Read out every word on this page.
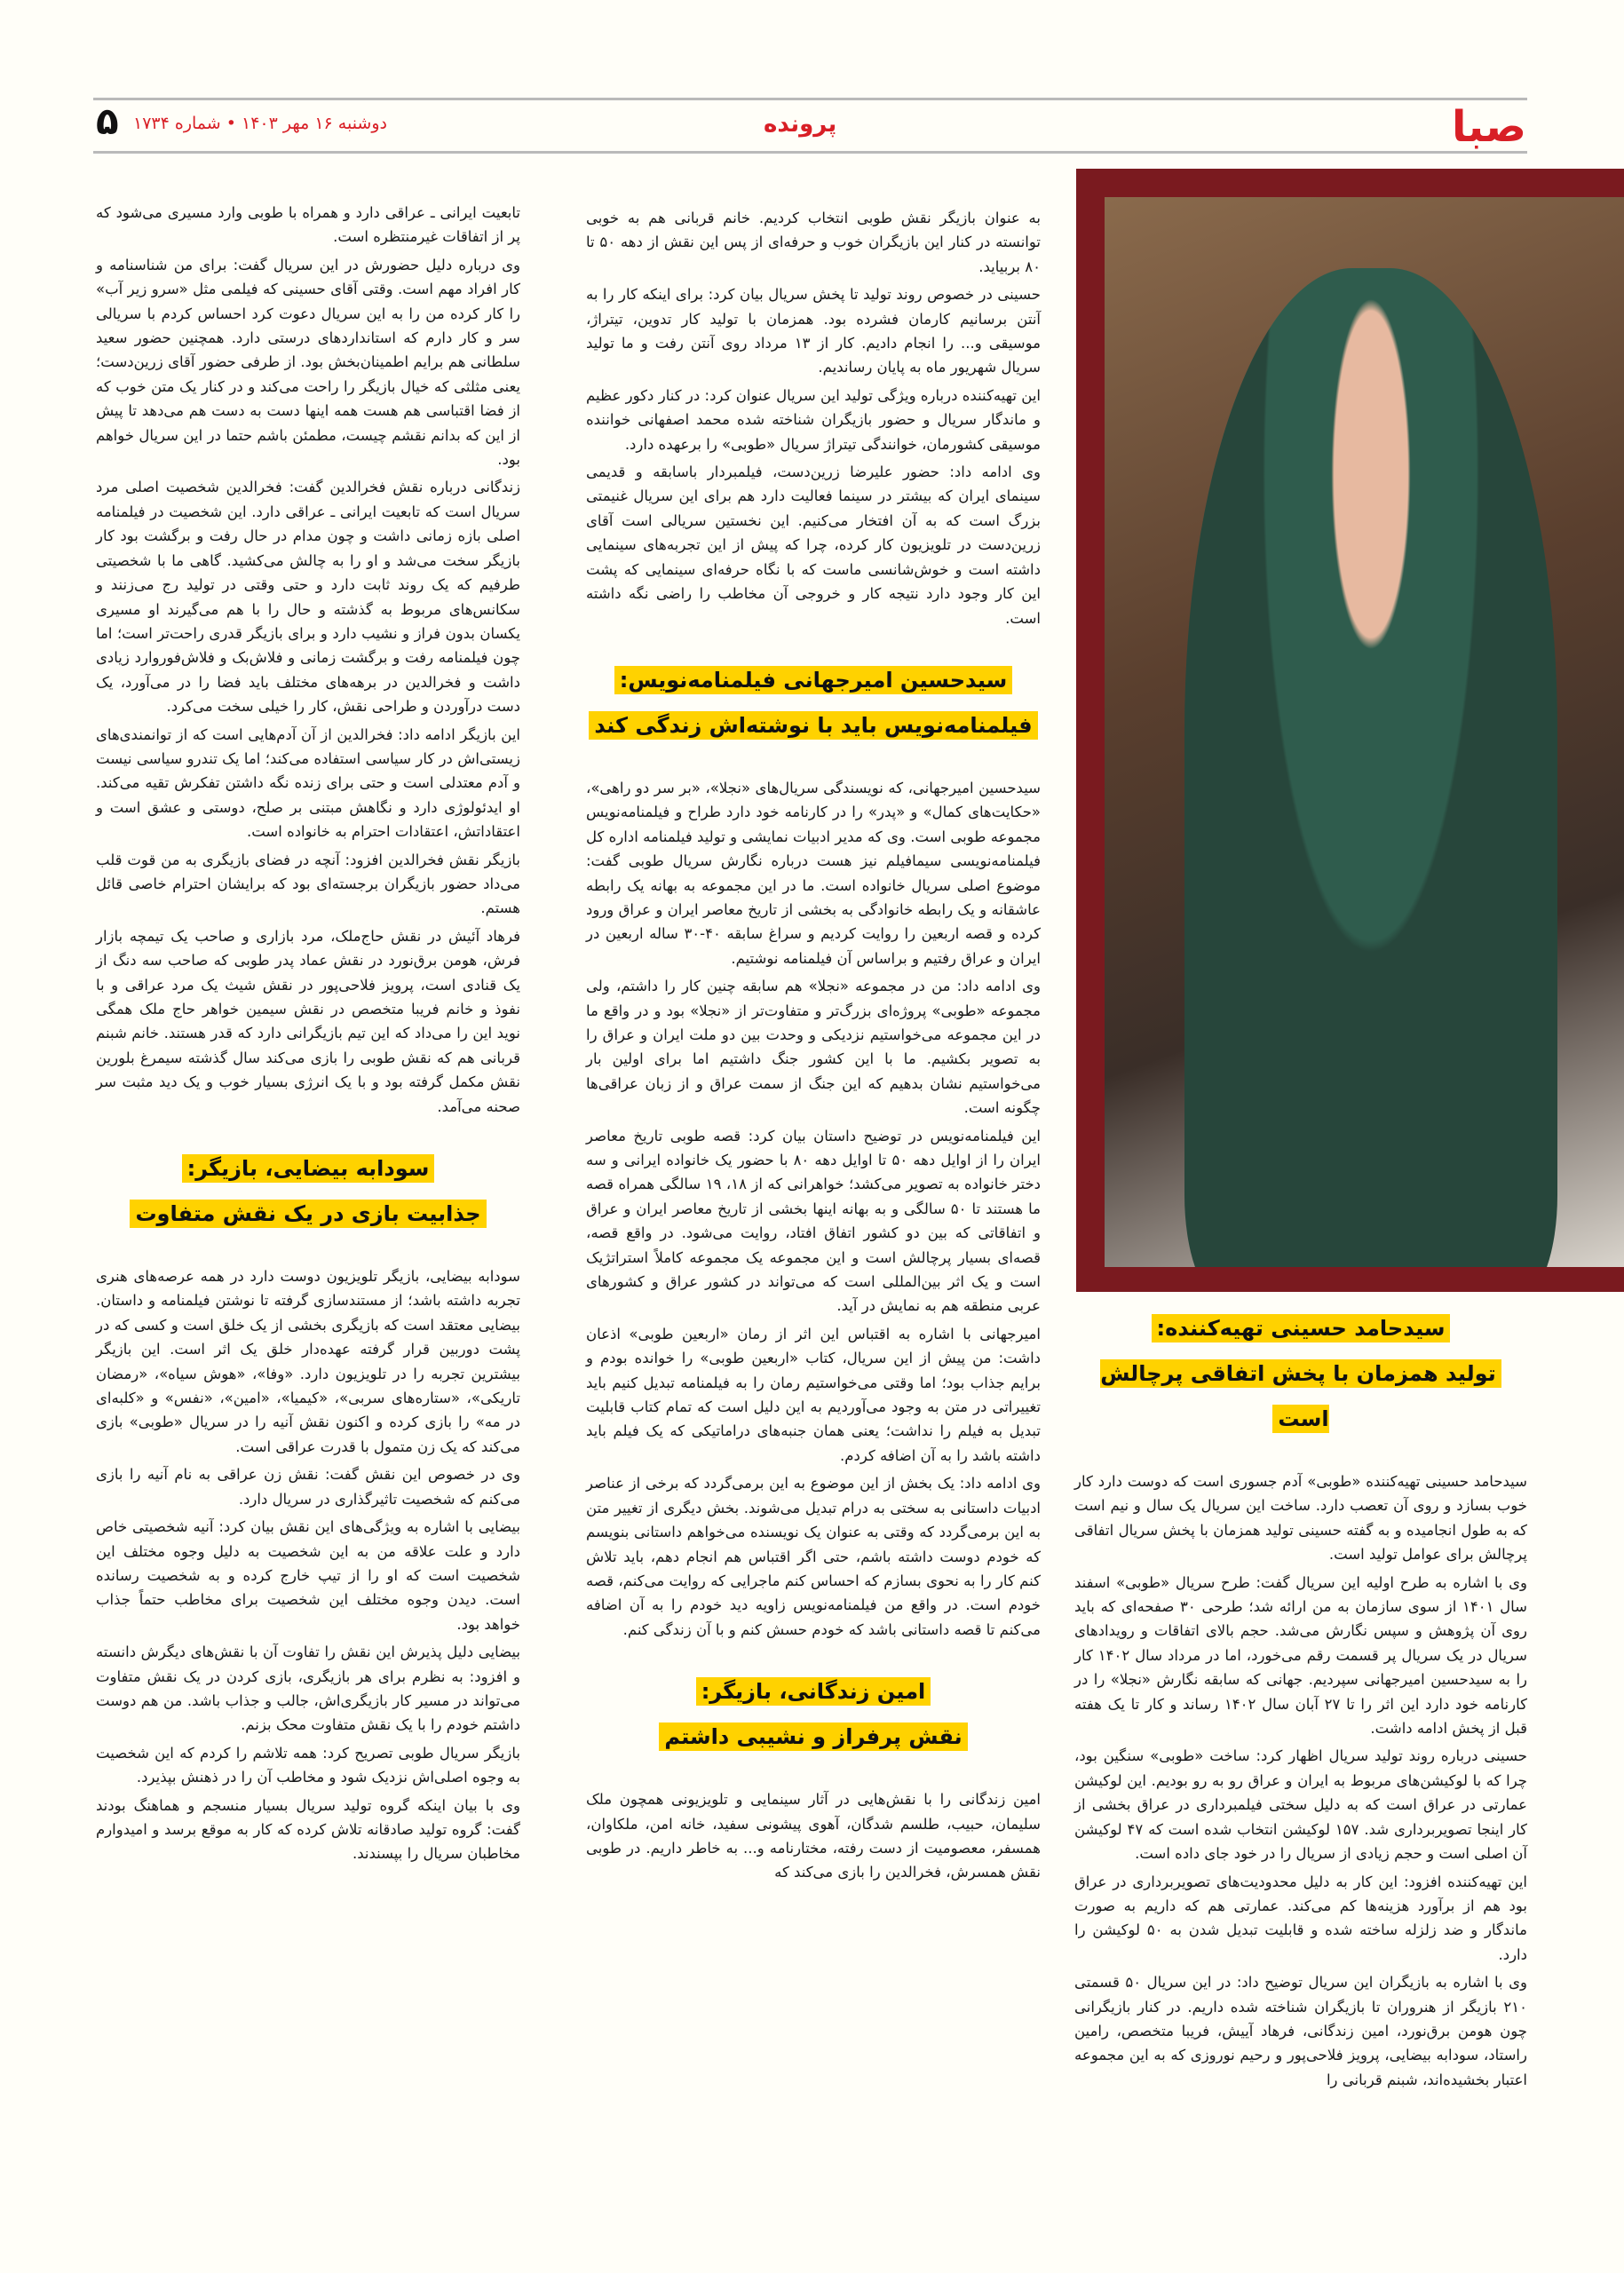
صبا
پرونده
دوشنبه ۱۶ مهر ۱۴۰۳ • شماره ۱۷۳۴
۵
سیدحامد حسینی تهیه‌کننده:
تولید همزمان با پخش اتفاقی پرچالش است

سیدحامد حسینی تهیه‌کننده «طوبی» آدم جسوری است که دوست دارد کار خوب بسازد و روی آن تعصب دارد. ساخت این سریال یک سال و نیم است که به طول انجامیده و به گفته حسینی تولید همزمان با پخش سریال اتفاقی پرچالش برای عوامل تولید است.

وی با اشاره به طرح اولیه این سریال گفت: طرح سریال «طوبی» اسفند سال ۱۴۰۱ از سوی سازمان به من ارائه شد؛ طرحی ۳۰ صفحه‌ای که باید روی آن پژوهش و سپس نگارش می‌شد. حجم بالای اتفاقات و رویدادهای سریال در یک سریال پر قسمت رقم می‌خورد، اما در مرداد سال ۱۴۰۲ کار را به سیدحسین امیرجهانی سپردیم. جهانی که سابقه نگارش «نجلا» را در کارنامه خود دارد این اثر را تا ۲۷ آبان سال ۱۴۰۲ رساند و کار تا یک هفته قبل از پخش ادامه داشت.

حسینی درباره روند تولید سریال اظهار کرد: ساخت «طوبی» سنگین بود، چرا که با لوکیشن‌های مربوط به ایران و عراق رو به رو بودیم. این لوکیشن عمارتی در عراق است که به دلیل سختی فیلمبرداری در عراق بخشی از کار اینجا تصویربرداری شد. ۱۵۷ لوکیشن انتخاب شده است که ۴۷ لوکیشن آن اصلی است و حجم زیادی از سریال را در خود جای داده است.

این تهیه‌کننده افزود: این کار به دلیل محدودیت‌های تصویربرداری در عراق بود هم از برآورد هزینه‌ها کم می‌کند. عمارتی هم که داریم به صورت ماندگار و ضد زلزله ساخته شده و قابلیت تبدیل شدن به ۵۰ لوکیشن را دارد.

وی با اشاره به بازیگران این سریال توضیح داد: در این سریال ۵۰ قسمتی ۲۱۰ بازیگر از هنروران تا بازیگران شناخته شده داریم. در کنار بازیگرانی چون هومن برق‌نورد، امین زندگانی، فرهاد آییش، فریبا متخصص، رامین راستاد، سودابه بیضایی، پرویز فلاحی‌پور و رحیم نوروزی که به این مجموعه اعتبار بخشیده‌اند، شبنم قربانی را

به عنوان بازیگر نقش طوبی انتخاب کردیم. خانم قربانی هم به خوبی توانسته در کنار این بازیگران خوب و حرفه‌ای از پس این نقش از دهه ۵۰ تا ۸۰ بربیاید.

حسینی در خصوص روند تولید تا پخش سریال بیان کرد: برای اینکه کار را به آنتن برسانیم کارمان فشرده بود. همزمان با تولید کار تدوین، تیتراژ، موسیقی و... را انجام دادیم. کار از ۱۳ مرداد روی آنتن رفت و ما تولید سریال شهریور ماه به پایان رساندیم.

این تهیه‌کننده درباره ویژگی تولید این سریال عنوان کرد: در کنار دکور عظیم و ماندگار سریال و حضور بازیگران شناخته شده محمد اصفهانی خواننده موسیقی کشورمان، خوانندگی تیتراژ سریال «طوبی» را برعهده دارد.

وی ادامه داد: حضور علیرضا زرین‌دست، فیلمبردار باسابقه و قدیمی سینمای ایران که بیشتر در سینما فعالیت دارد هم برای این سریال غنیمتی بزرگ است که به آن افتخار می‌کنیم. این نخستین سریالی است آقای زرین‌دست در تلویزیون کار کرده، چرا که پیش از این تجربه‌های سینمایی داشته است و خوش‌شانسی ماست که با نگاه حرفه‌ای سینمایی که پشت این کار وجود دارد نتیجه کار و خروجی آن مخاطب را راضی نگه داشته است.

سیدحسین امیرجهانی فیلمنامه‌نویس:
فیلمنامه‌نویس باید با نوشته‌اش زندگی کند

سیدحسین امیرجهانی، که نویسندگی سریال‌های «نجلا»، «بر سر دو راهی»، «حکایت‌های کمال» و «پدر» را در کارنامه خود دارد طراح و فیلمنامه‌نویس مجموعه طوبی است. وی که مدیر ادبیات نمایشی و تولید فیلمنامه اداره کل فیلمنامه‌نویسی سیمافیلم نیز هست درباره نگارش سریال طوبی گفت: موضوع اصلی سریال خانواده است. ما در این مجموعه به بهانه یک رابطه عاشقانه و یک رابطه خانوادگی به بخشی از تاریخ معاصر ایران و عراق ورود کرده و قصه اربعین را روایت کردیم و سراغ سابقه ۴۰-۳۰ ساله اربعین در ایران و عراق رفتیم و براساس آن فیلمنامه نوشتیم.

وی ادامه داد: من در مجموعه «نجلا» هم سابقه چنین کار را داشتم، ولی مجموعه «طوبی» پروژه‌ای بزرگ‌تر و متفاوت‌تر از «نجلا» بود و در واقع ما در این مجموعه می‌خواستیم نزدیکی و وحدت بین دو ملت ایران و عراق را به تصویر بکشیم. ما با این کشور جنگ داشتیم اما برای اولین بار می‌خواستیم نشان بدهیم که این جنگ از سمت عراق و از زبان عراقی‌ها چگونه است.

این فیلمنامه‌نویس در توضیح داستان بیان کرد: قصه طوبی تاریخ معاصر ایران را از اوایل دهه ۵۰ تا اوایل دهه ۸۰ با حضور یک خانواده ایرانی و سه دختر خانواده به تصویر می‌کشد؛ خواهرانی که از ۱۸، ۱۹ سالگی همراه قصه ما هستند تا ۵۰ سالگی و به بهانه اینها بخشی از تاریخ معاصر ایران و عراق و اتفاقاتی که بین دو کشور اتفاق افتاد، روایت می‌شود. در واقع قصه، قصه‌ای بسیار پرچالش است و این مجموعه یک مجموعه کاملاً استراتژیک است و یک اثر بین‌المللی است که می‌تواند در کشور عراق و کشورهای عربی منطقه هم به نمایش در آید.

امیرجهانی با اشاره به اقتباس این اثر از رمان «اربعین طوبی» اذعان داشت: من پیش از این سریال، کتاب «اربعین طوبی» را خوانده بودم و برایم جذاب بود؛ اما وقتی می‌خواستیم رمان را به فیلمنامه تبدیل کنیم باید تغییراتی در متن به وجود می‌آوردیم به این دلیل است که تمام کتاب قابلیت تبدیل به فیلم را نداشت؛ یعنی همان جنبه‌های دراماتیکی که یک فیلم باید داشته باشد را به آن اضافه کردم.

وی ادامه داد: یک بخش از این موضوع به این برمی‌گردد که برخی از عناصر ادبیات داستانی به سختی به درام تبدیل می‌شوند. بخش دیگری از تغییر متن به این برمی‌گردد که وقتی به عنوان یک نویسنده می‌خواهم داستانی بنویسم که خودم دوست داشته باشم، حتی اگر اقتباس هم انجام دهم، باید تلاش کنم کار را به نحوی بسازم که احساس کنم ماجرایی که روایت می‌کنم، قصه خودم است. در واقع من فیلمنامه‌نویس زاویه دید خودم را به آن اضافه می‌کنم تا قصه داستانی باشد که خودم حسش کنم و با آن زندگی کنم.

امین زندگانی، بازیگر:
نقش پرفراز و نشیبی داشتم

امین زندگانی را با نقش‌هایی در آثار سینمایی و تلویزیونی همچون ملک سلیمان، حبیب، طلسم شدگان، آهوی پیشونی سفید، خانه امن، ملکاوان، همسفر، معصومیت از دست رفته، مختارنامه و... به خاطر داریم. در طوبی نقش همسرش، فخرالدین را بازی می‌کند که

تابعیت ایرانی ـ عراقی دارد و همراه با طوبی وارد مسیری می‌شود که پر از اتفاقات غیرمنتظره است.

وی درباره دلیل حضورش در این سریال گفت: برای من شناسنامه و کار افراد مهم است. وقتی آقای حسینی که فیلمی مثل «سرو زیر آب» را کار کرده من را به این سریال دعوت کرد احساس کردم با سریالی سر و کار دارم که استانداردهای درستی دارد. همچنین حضور سعید سلطانی هم برایم اطمینان‌بخش بود. از طرفی حضور آقای زرین‌دست؛ یعنی مثلثی که خیال بازیگر را راحت می‌کند و در کنار یک متن خوب که از فضا اقتباسی هم هست همه اینها دست به دست هم می‌دهد تا پیش از این که بدانم نقشم چیست، مطمئن باشم حتما در این سریال خواهم بود.

زندگانی درباره نقش فخرالدین گفت: فخرالدین شخصیت اصلی مرد سریال است که تابعیت ایرانی ـ عراقی دارد. این شخصیت در فیلمنامه اصلی بازه زمانی داشت و چون مدام در حال رفت و برگشت بود کار بازیگر سخت می‌شد و او را به چالش می‌کشید. گاهی ما با شخصیتی طرفیم که یک روند ثابت دارد و حتی وقتی در تولید رج می‌زنند و سکانس‌های مربوط به گذشته و حال را با هم می‌گیرند او مسیری یکسان بدون فراز و نشیب دارد و برای بازیگر قدری راحت‌تر است؛ اما چون فیلمنامه رفت و برگشت زمانی و فلاش‌بک و فلاش‌فوروارد زیادی داشت و فخرالدین در برهه‌های مختلف باید فضا را در می‌آورد، یک دست درآوردن و طراحی نقش، کار را خیلی سخت می‌کرد.

این بازیگر ادامه داد: فخرالدین از آن آدم‌هایی است که از توانمندی‌های زیستی‌اش در کار سیاسی استفاده می‌کند؛ اما یک تندرو سیاسی نیست و آدم معتدلی است و حتی برای زنده نگه داشتن تفکرش تقیه می‌کند. او ایدئولوژی دارد و نگاهش مبتنی بر صلح، دوستی و عشق است و اعتقاداتش، اعتقادات احترام به خانواده است.

بازیگر نقش فخرالدین افزود: آنچه در فضای بازیگری به من قوت قلب می‌داد حضور بازیگران برجسته‌ای بود که برایشان احترام خاصی قائل هستم.

فرهاد آئیش در نقش حاج‌ملک، مرد بازاری و صاحب یک تیمچه بازار فرش، هومن برق‌نورد در نقش عماد پدر طوبی که صاحب سه دنگ از یک قنادی است، پرویز فلاحی‌پور در نقش شیث یک مرد عراقی و با نفوذ و خانم فریبا متخصص در نقش سیمین خواهر حاج ملک همگی نوید این را می‌داد که این تیم بازیگرانی دارد که قدر هستند. خانم شبنم قربانی هم که نقش طوبی را بازی می‌کند سال گذشته سیمرغ بلورین نقش مکمل گرفته بود و با یک انرژی بسیار خوب و یک دید مثبت سر صحنه می‌آمد.

سودابه بیضایی، بازیگر:
جذابیت بازی در یک نقش متفاوت

سودابه بیضایی، بازیگر تلویزیون دوست دارد در همه عرصه‌های هنری تجربه داشته باشد؛ از مستندسازی گرفته تا نوشتن فیلمنامه و داستان. بیضایی معتقد است که بازیگری بخشی از یک خلق است و کسی که در پشت دوربین قرار گرفته عهده‌دار خلق یک اثر است. این بازیگر بیشترین تجربه را در تلویزیون دارد. «وفا»، «هوش سیاه»، «رمضان تاریکی»، «ستاره‌های سربی»، «کیمیا»، «امین»، «نفس» و «کلبه‌ای در مه» را بازی کرده و اکنون نقش آنیه را در سریال «طوبی» بازی می‌کند که یک زن متمول با قدرت عراقی است.

وی در خصوص این نقش گفت: نقش زن عراقی به نام آنیه را بازی می‌کنم که شخصیت تاثیرگذاری در سریال دارد.

بیضایی با اشاره به ویژگی‌های این نقش بیان کرد: آنیه شخصیتی خاص دارد و علت علاقه من به این شخصیت به دلیل وجوه مختلف این شخصیت است که او را از تیپ خارج کرده و به شخصیت رسانده است. دیدن وجوه مختلف این شخصیت برای مخاطب حتماً جذاب خواهد بود.

بیضایی دلیل پذیرش این نقش را تفاوت آن با نقش‌های دیگرش دانسته و افزود: به نظرم برای هر بازیگری، بازی کردن در یک نقش متفاوت می‌تواند در مسیر کار بازیگری‌اش، جالب و جذاب باشد. من هم دوست داشتم خودم را با یک نقش متفاوت محک بزنم.

بازیگر سریال طوبی تصریح کرد: همه تلاشم را کردم که این شخصیت به وجوه اصلی‌اش نزدیک شود و مخاطب آن را در ذهنش بپذیرد.

وی با بیان اینکه گروه تولید سریال بسیار منسجم و هماهنگ بودند گفت: گروه تولید صادقانه تلاش کرده که کار به موقع برسد و امیدوارم مخاطبان سریال را بپسندند.
